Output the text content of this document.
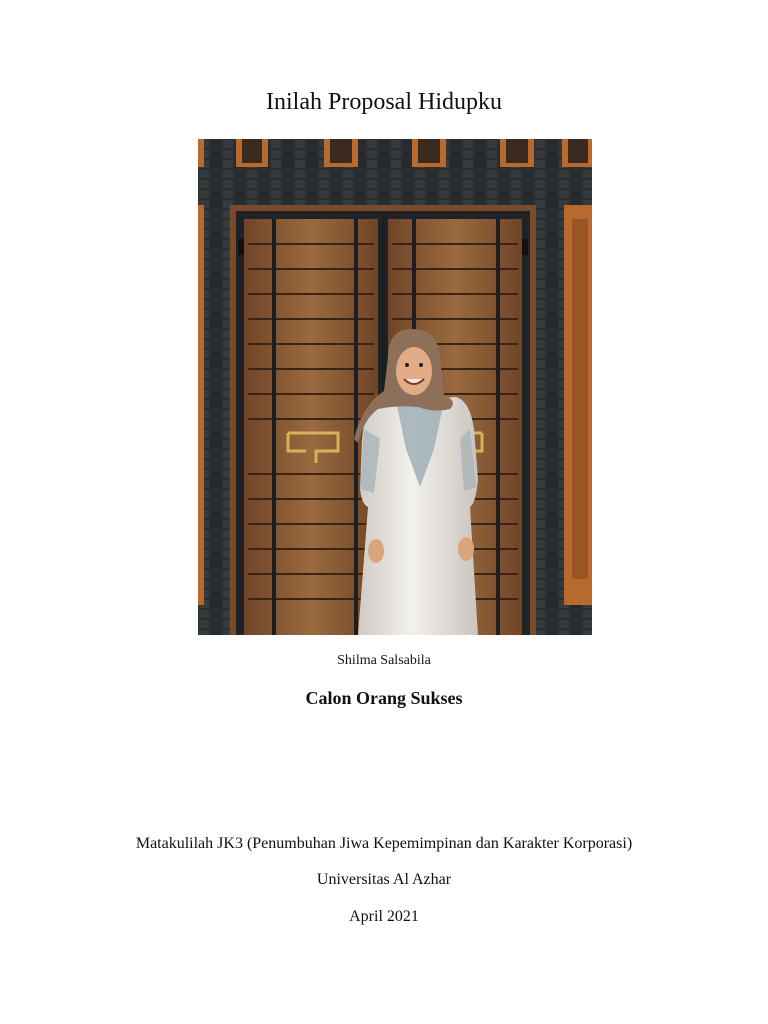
Inilah Proposal Hidupku
Shilma Salsabila
Calon Orang Sukses
Matakulilah JK3 (Penumbuhan Jiwa Kepemimpinan dan Karakter Korporasi)
Universitas Al Azhar
April 2021
